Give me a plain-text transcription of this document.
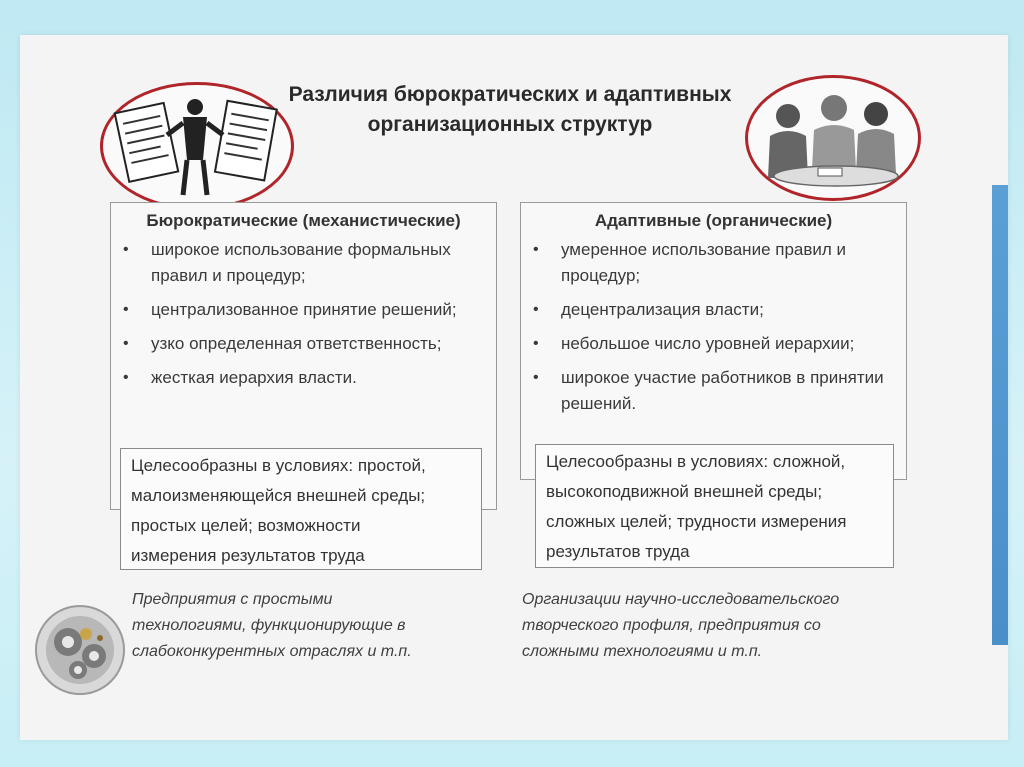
Различия бюрократических и адаптивных
организационных структур
Бюрократические (механистические)
• широкое использование формальных правил и процедур;
• централизованное принятие решений;
• узко определенная ответственность;
• жесткая иерархия власти.
Адаптивные (органические)
• умеренное использование правил и процедур;
• децентрализация власти;
• небольшое число уровней иерархии;
• широкое участие работников в принятии решений.
Целесообразны в условиях: простой,
малоизменяющейся внешней среды;
простых целей; возможности
измерения результатов труда
Целесообразны в условиях: сложной,
высокоподвижной внешней среды;
сложных целей; трудности измерения
результатов труда
Предприятия с простыми
технологиями, функционирующие в
слабоконкурентных отраслях и т.п.
Организации научно-исследовательского
творческого профиля, предприятия со
сложными технологиями и т.п.
